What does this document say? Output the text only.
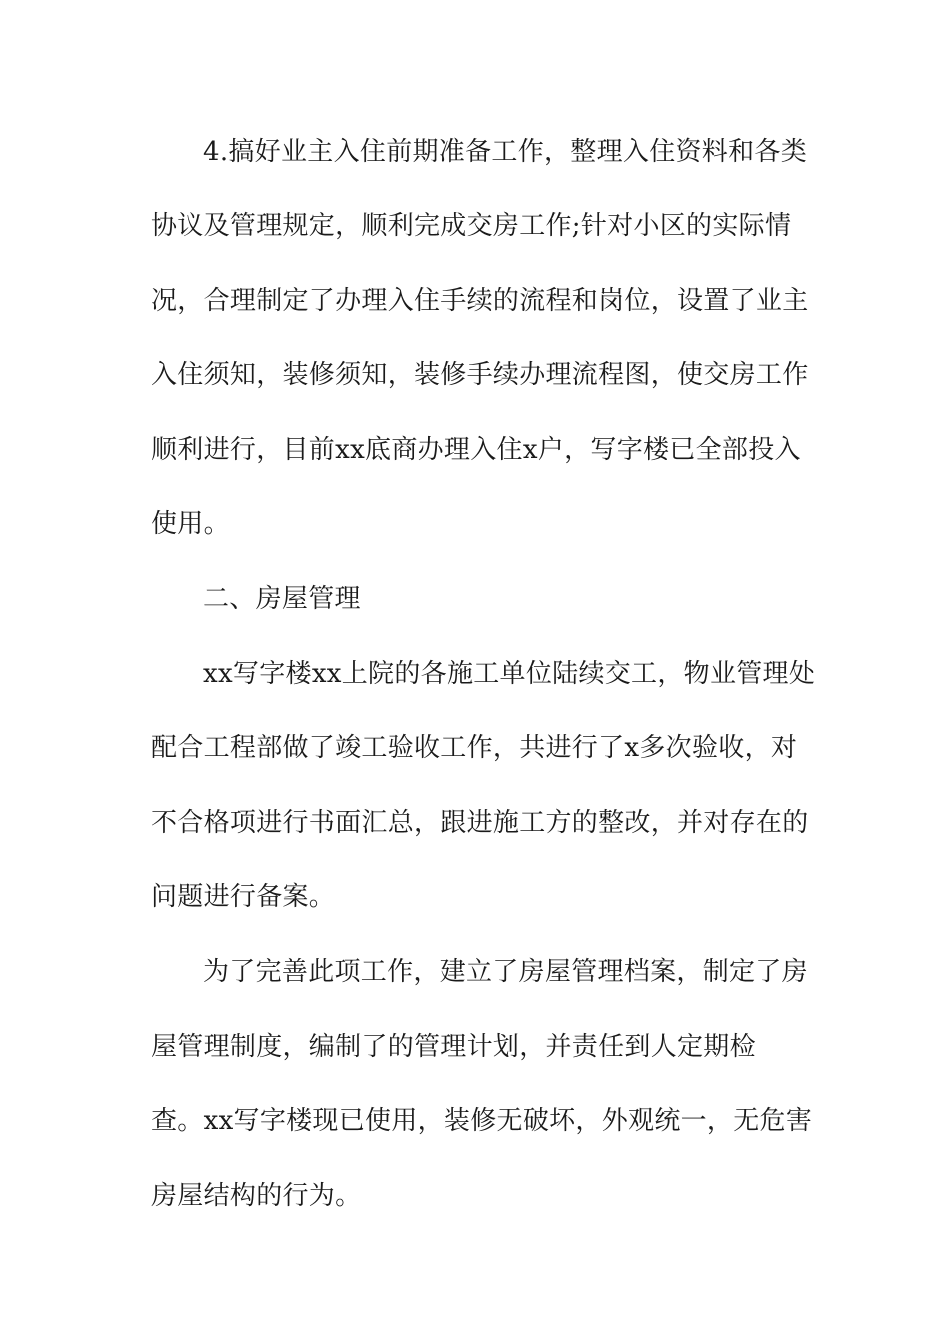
4.搞好业主入住前期准备工作，整理入住资料和各类
协议及管理规定，顺利完成交房工作;针对小区的实际情
况，合理制定了办理入住手续的流程和岗位，设置了业主
入住须知，装修须知，装修手续办理流程图，使交房工作
顺利进行，目前xx底商办理入住x户，写字楼已全部投入
使用。
二、房屋管理
xx写字楼xx上院的各施工单位陆续交工，物业管理处
配合工程部做了竣工验收工作，共进行了x多次验收，对
不合格项进行书面汇总，跟进施工方的整改，并对存在的
问题进行备案。
为了完善此项工作，建立了房屋管理档案，制定了房
屋管理制度，编制了的管理计划，并责任到人定期检
查。xx写字楼现已使用，装修无破坏，外观统一，无危害
房屋结构的行为。
